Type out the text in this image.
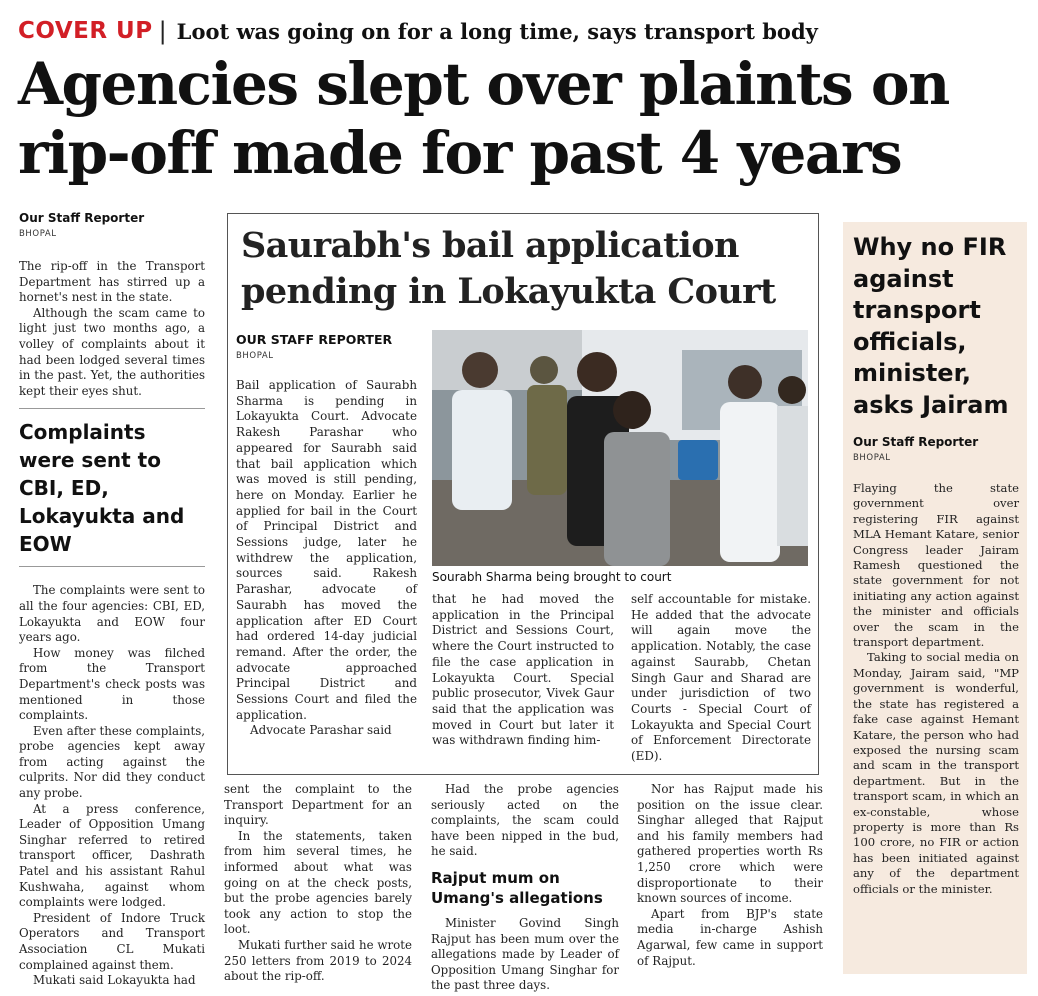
COVER UP | Loot was going on for a long time, says transport body
Agencies slept over plaints on
rip-off made for past 4 years
Our Staff Reporter
BHOPAL

The rip-off in the Transport Department has stirred up a hornet's nest in the state.

Although the scam came to light just two months ago, a volley of complaints about it had been lodged several times in the past. Yet, the authorities kept their eyes shut.

Complaints were sent to CBI, ED, Lokayukta and EOW

The complaints were sent to all the four agencies: CBI, ED, Lokayukta and EOW four years ago.

How money was filched from the Transport Department's check posts was mentioned in those complaints.

Even after these complaints, probe agencies kept away from acting against the culprits. Nor did they conduct any probe.

At a press conference, Leader of Opposition Umang Singhar referred to retired transport officer, Dashrath Patel and his assistant Rahul Kushwaha, against whom complaints were lodged.

President of Indore Truck Operators and Transport Association CL Mukati complained against them.

Mukati said Lokayukta had

Saurabh's bail application
pending in Lokayukta Court
OUR STAFF REPORTER
BHOPAL

Bail application of Saurabh Sharma is pending in Lokayukta Court. Advocate Rakesh Parashar who appeared for Saurabh said that bail application which was moved is still pending, here on Monday. Earlier he applied for bail in the Court of Principal District and Sessions judge, later he withdrew the application, sources said. Rakesh Parashar, advocate of Saurabh has moved the application after ED Court had ordered 14-day judicial remand. After the order, the advocate approached Principal District and Sessions Court and filed the application.

Advocate Parashar said

Sourabh Sharma being brought to court

that he had moved the application in the Principal District and Sessions Court, where the Court instructed to file the case application in Lokayukta Court. Special public prosecutor, Vivek Gaur said that the application was moved in Court but later it was withdrawn finding him-

self accountable for mistake. He added that the advocate will again move the application. Notably, the case against Saurabb, Chetan Singh Gaur and Sharad are under jurisdiction of two Courts - Special Court of Lokayukta and Special Court of Enforcement Directorate (ED).

sent the complaint to the Transport Department for an inquiry.

In the statements, taken from him several times, he informed about what was going on at the check posts, but the probe agencies barely took any action to stop the loot.

Mukati further said he wrote 250 letters from 2019 to 2024 about the rip-off.

Had the probe agencies seriously acted on the complaints, the scam could have been nipped in the bud, he said.

Rajput mum on Umang's allegations

Minister Govind Singh Rajput has been mum over the allegations made by Leader of Opposition Umang Singhar for the past three days.

Nor has Rajput made his position on the issue clear. Singhar alleged that Rajput and his family members had gathered properties worth Rs 1,250 crore which were disproportionate to their known sources of income.

Apart from BJP's state media in-charge Ashish Agarwal, few came in support of Rajput.

Why no FIR against transport officials, minister, asks Jairam
Our Staff Reporter
BHOPAL

Flaying the state government over registering FIR against MLA Hemant Katare, senior Congress leader Jairam Ramesh questioned the state government for not initiating any action against the minister and officials over the scam in the transport department.

Taking to social media on Monday, Jairam said, "MP government is wonderful, the state has registered a fake case against Hemant Katare, the person who had exposed the nursing scam and scam in the transport department. But in the transport scam, in which an ex-constable, whose property is more than Rs 100 crore, no FIR or action has been initiated against any of the department officials or the minister.
